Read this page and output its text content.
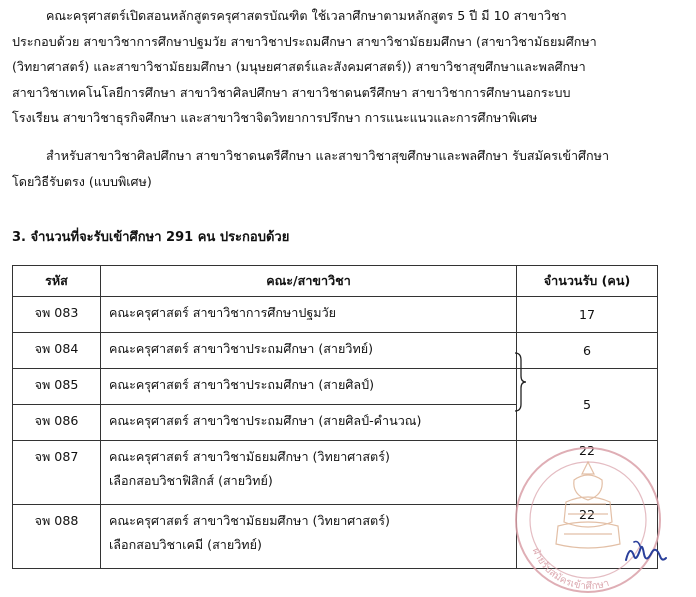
คณะครุศาสตร์เปิดสอนหลักสูตรครุศาสตรบัณฑิต ใช้เวลาศึกษาตามหลักสูตร 5 ปี มี 10 สาขาวิชา
ประกอบด้วย สาขาวิชาการศึกษาปฐมวัย สาขาวิชาประถมศึกษา สาขาวิชามัธยมศึกษา (สาขาวิชามัธยมศึกษา
(วิทยาศาสตร์) และสาขาวิชามัธยมศึกษา (มนุษยศาสตร์และสังคมศาสตร์)) สาขาวิชาสุขศึกษาและพลศึกษา
สาขาวิชาเทคโนโลยีการศึกษา สาขาวิชาศิลปศึกษา สาขาวิชาดนตรีศึกษา สาขาวิชาการศึกษานอกระบบ
โรงเรียน สาขาวิชาธุรกิจศึกษา และสาขาวิชาจิตวิทยาการปรึกษา การแนะแนวและการศึกษาพิเศษ
สำหรับสาขาวิชาศิลปศึกษา สาขาวิชาดนตรีศึกษา และสาขาวิชาสุขศึกษาและพลศึกษา รับสมัครเข้าศึกษา
โดยวิธีรับตรง (แบบพิเศษ)
3. จำนวนที่จะรับเข้าศึกษา 291 คน ประกอบด้วย
รหัส	คณะ/สาขาวิชา	จำนวนรับ (คน)
จพ 083	คณะครุศาสตร์ สาขาวิชาการศึกษาปฐมวัย	17
จพ 084	คณะครุศาสตร์ สาขาวิชาประถมศึกษา (สายวิทย์)	6
จพ 085	คณะครุศาสตร์ สาขาวิชาประถมศึกษา (สายศิลป์)	5
จพ 086	คณะครุศาสตร์ สาขาวิชาประถมศึกษา (สายศิลป์-คำนวณ)	
จพ 087	คณะครุศาสตร์ สาขาวิชามัธยมศึกษา (วิทยาศาสตร์)
เลือกสอบวิชาฟิสิกส์ (สายวิทย์)	22
จพ 088	คณะครุศาสตร์ สาขาวิชามัธยมศึกษา (วิทยาศาสตร์)
เลือกสอบวิชาเคมี (สายวิทย์)	22
ฝ่ายรับสมัครเข้าศึกษา
